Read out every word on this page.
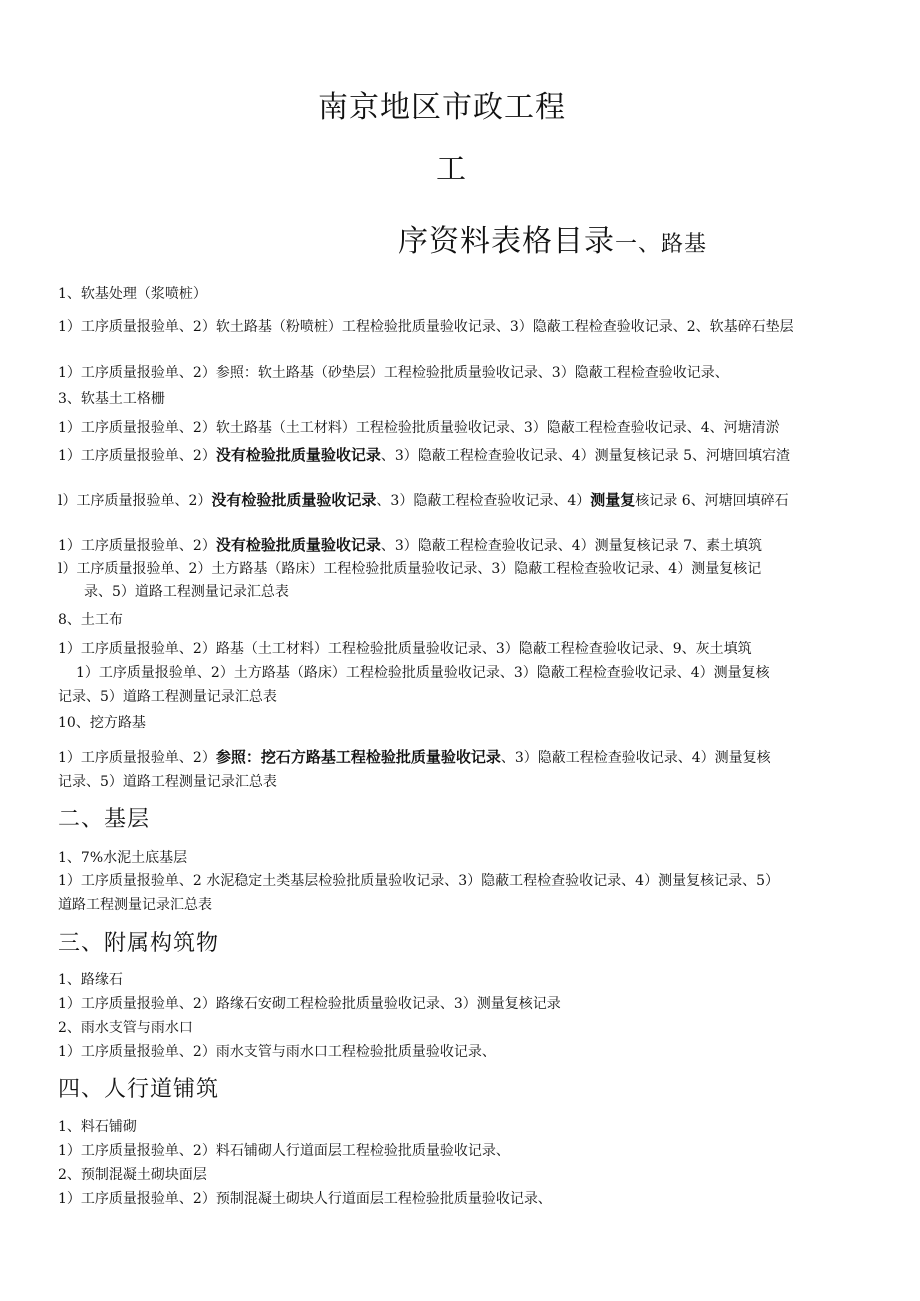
南京地区市政工程
工
序资料表格目录一、路基
1、软基处理（浆喷桩）
1）工序质量报验单、2）软土路基（粉喷桩）工程检验批质量验收记录、3）隐蔽工程检查验收记录、2、软基碎石垫层
1）工序质量报验单、2）参照：软土路基（砂垫层）工程检验批质量验收记录、3）隐蔽工程检查验收记录、
3、软基土工格栅
1）工序质量报验单、2）软土路基（土工材料）工程检验批质量验收记录、3）隐蔽工程检查验收记录、4、河塘清淤
1）工序质量报验单、2）没有检验批质量验收记录、3）隐蔽工程检查验收记录、4）测量复核记录 5、河塘回填宕渣
l）工序质量报验单、2）没有检验批质量验收记录、3）隐蔽工程检查验收记录、4）测量复核记录 6、河塘回填碎石
1）工序质量报验单、2）没有检验批质量验收记录、3）隐蔽工程检查验收记录、4）测量复核记录 7、素土填筑
l）工序质量报验单、2）土方路基（路床）工程检验批质量验收记录、3）隐蔽工程检查验收记录、4）测量复核记
录、5）道路工程测量记录汇总表
8、土工布
1）工序质量报验单、2）路基（土工材料）工程检验批质量验收记录、3）隐蔽工程检查验收记录、9、灰土填筑
1）工序质量报验单、2）土方路基（路床）工程检验批质量验收记录、3）隐蔽工程检查验收记录、4）测量复核
记录、5）道路工程测量记录汇总表
10、挖方路基
1）工序质量报验单、2）参照：挖石方路基工程检验批质量验收记录、3）隐蔽工程检查验收记录、4）测量复核
记录、5）道路工程测量记录汇总表
二、基层
1、7%水泥土底基层
1）工序质量报验单、2 水泥稳定土类基层检验批质量验收记录、3）隐蔽工程检查验收记录、4）测量复核记录、5）
道路工程测量记录汇总表
三、附属构筑物
1、路缘石
1）工序质量报验单、2）路缘石安砌工程检验批质量验收记录、3）测量复核记录
2、雨水支管与雨水口
1）工序质量报验单、2）雨水支管与雨水口工程检验批质量验收记录、
四、人行道铺筑
1、料石铺砌
1）工序质量报验单、2）料石铺砌人行道面层工程检验批质量验收记录、
2、预制混凝土砌块面层
1）工序质量报验单、2）预制混凝土砌块人行道面层工程检验批质量验收记录、
